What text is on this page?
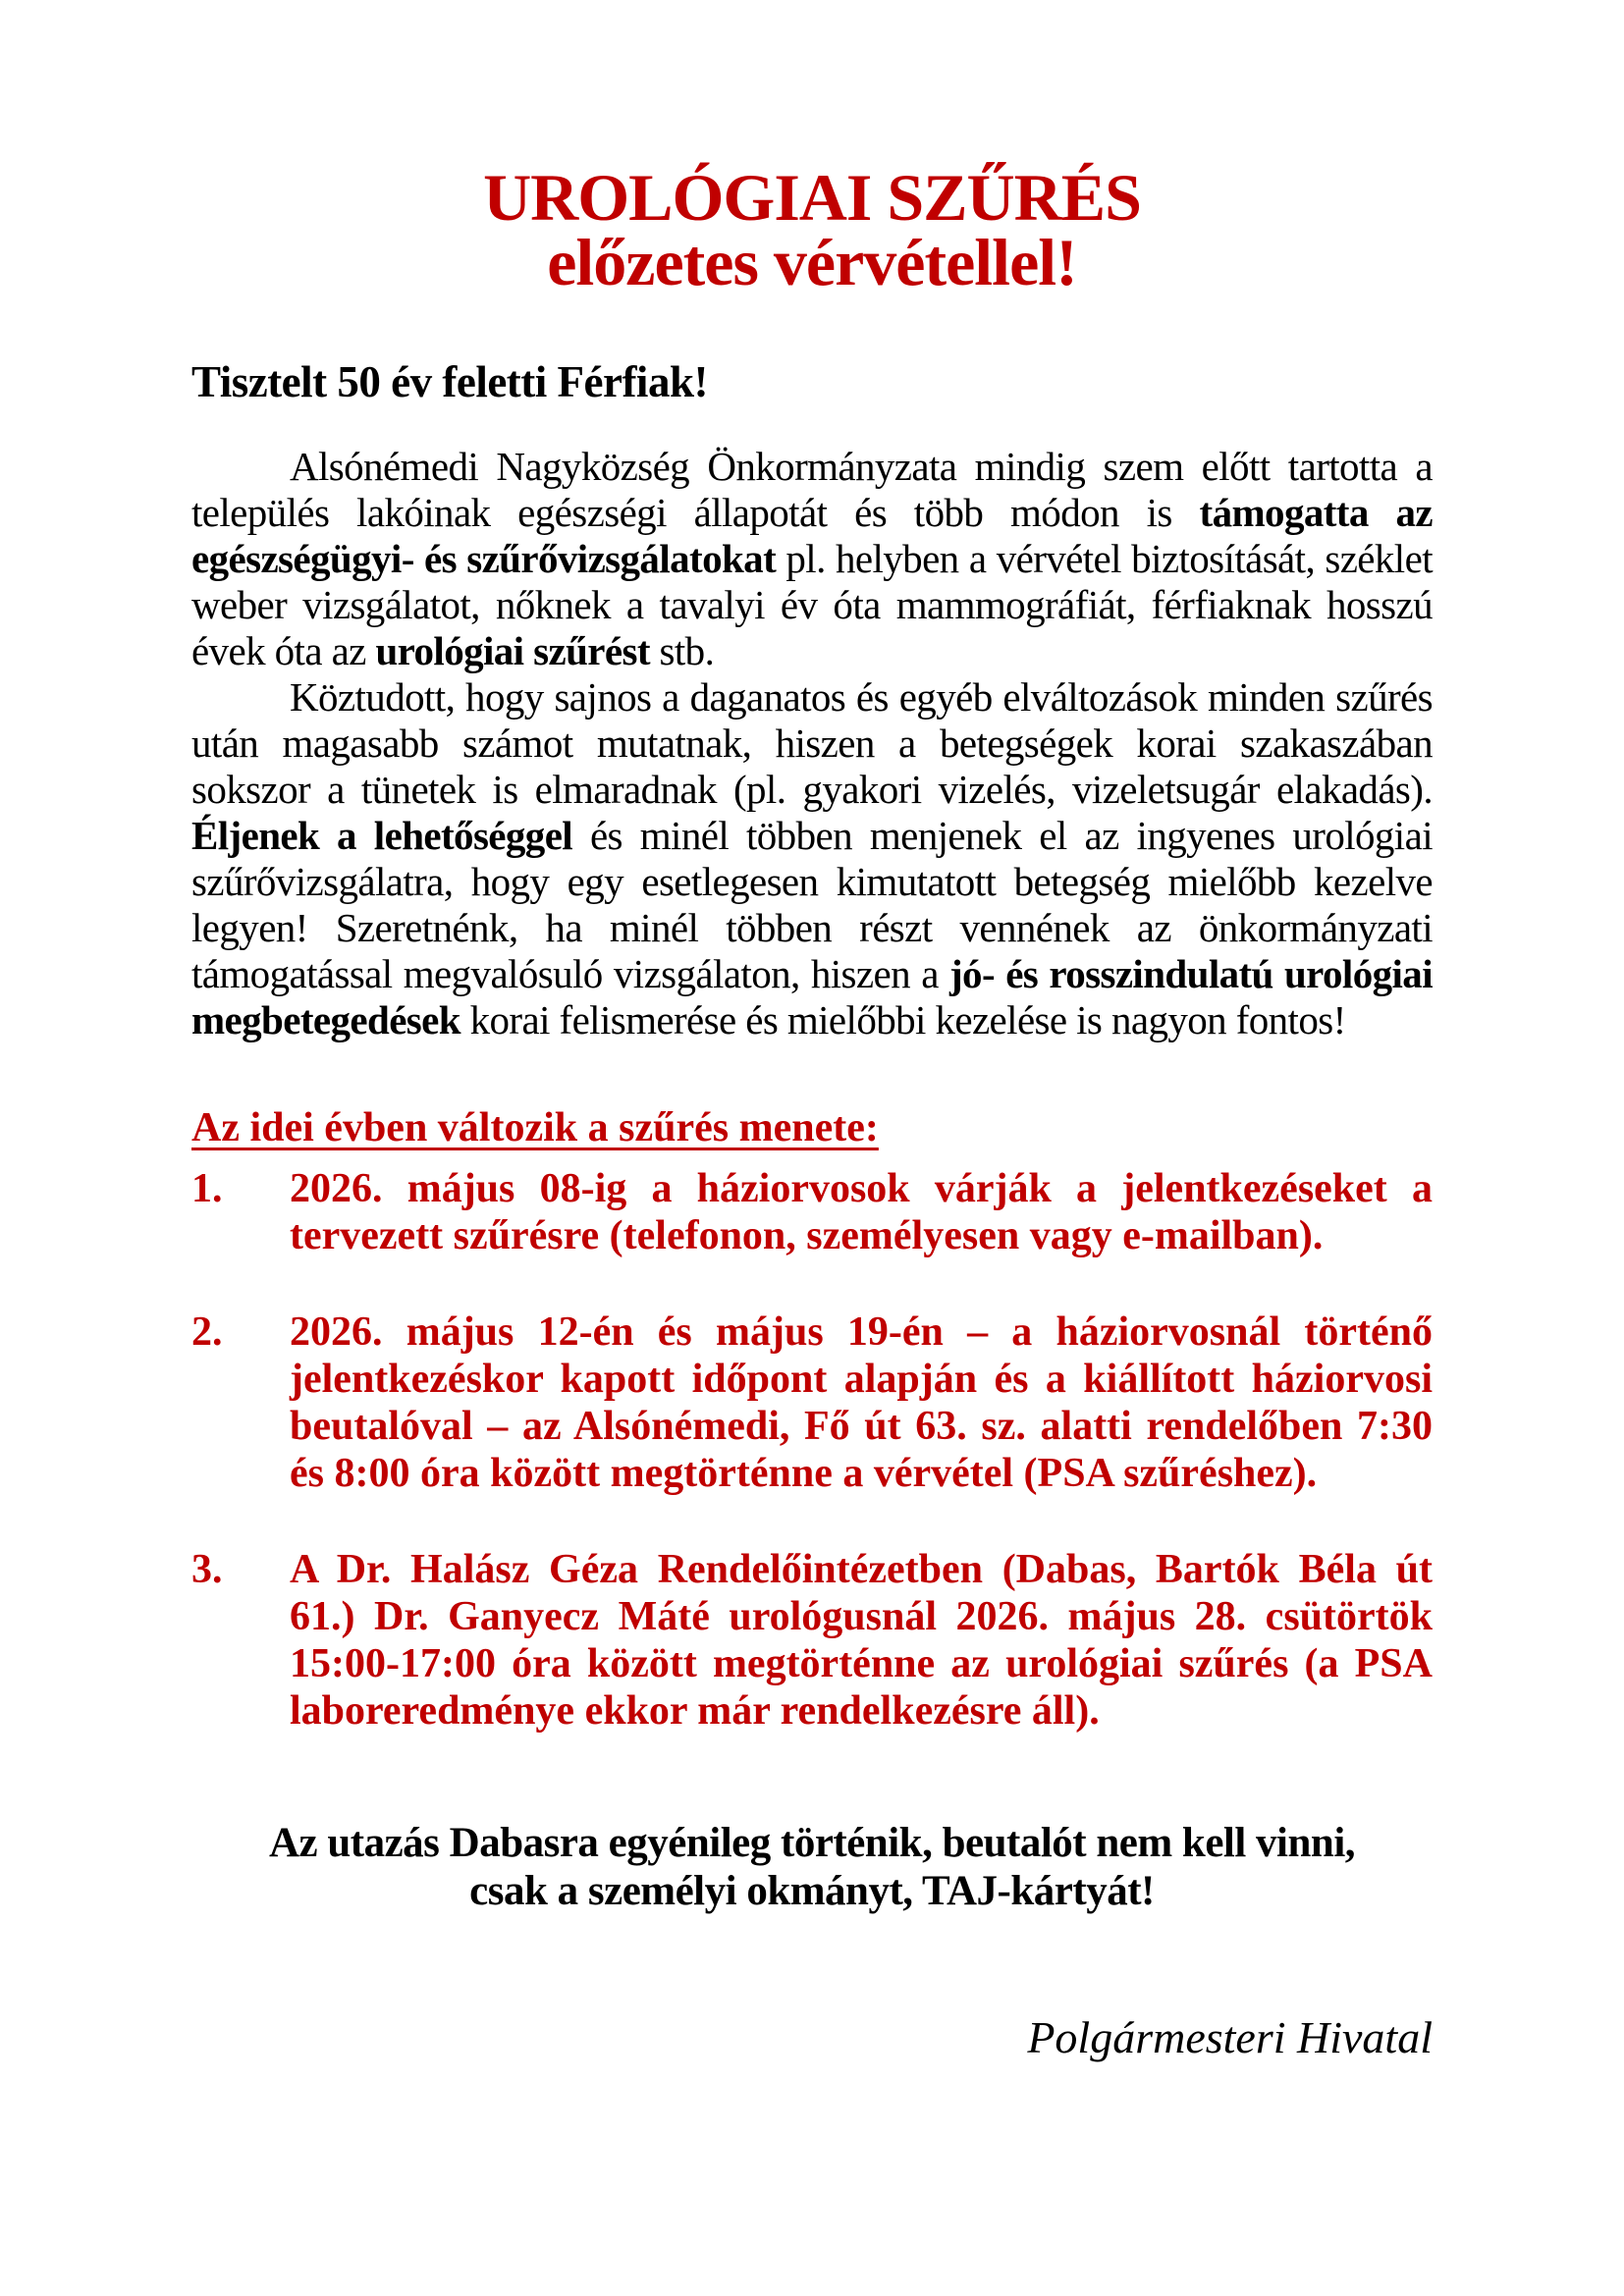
UROLÓGIAI SZŰRÉS
előzetes vérvétellel!
Tisztelt 50 év feletti Férfiak!

Alsónémedi Nagyközség Önkormányzata mindig szem előtt tartotta a település lakóinak egészségi állapotát és több módon is támogatta az egészségügyi- és szűrővizsgálatokat pl. helyben a vérvétel biztosítását, széklet weber vizsgálatot, nőknek a tavalyi év óta mammográfiát, férfiaknak hosszú évek óta az urológiai szűrést stb.

Köztudott, hogy sajnos a daganatos és egyéb elváltozások minden szűrés után magasabb számot mutatnak, hiszen a betegségek korai szakaszában sokszor a tünetek is elmaradnak (pl. gyakori vizelés, vizeletsugár elakadás). Éljenek a lehetőséggel és minél többen menjenek el az ingyenes urológiai szűrővizsgálatra, hogy egy esetlegesen kimutatott betegség mielőbb kezelve legyen! Szeretnénk, ha minél többen részt vennének az önkormányzati támogatással megvalósuló vizsgálaton, hiszen a jó- és rosszindulatú urológiai megbetegedések korai felismerése és mielőbbi kezelése is nagyon fontos!

Az idei évben változik a szűrés menete:
1.	2026. május 08-ig a háziorvosok várják a jelentkezéseket a tervezett szűrésre (telefonon, személyesen vagy e-mailban).
2.	2026. május 12-én és május 19-én – a háziorvosnál történő jelentkezéskor kapott időpont alapján és a kiállított háziorvosi beutalóval – az Alsónémedi, Fő út 63. sz. alatti rendelőben 7:30 és 8:00 óra között megtörténne a vérvétel (PSA szűréshez).
3.	A Dr. Halász Géza Rendelőintézetben (Dabas, Bartók Béla út 61.) Dr. Ganyecz Máté urológusnál 2026. május 28. csütörtök 15:00-17:00 óra között megtörténne az urológiai szűrés (a PSA laboreredménye ekkor már rendelkezésre áll).
Az utazás Dabasra egyénileg történik, beutalót nem kell vinni, csak a személyi okmányt, TAJ-kártyát!
Polgármesteri Hivatal
